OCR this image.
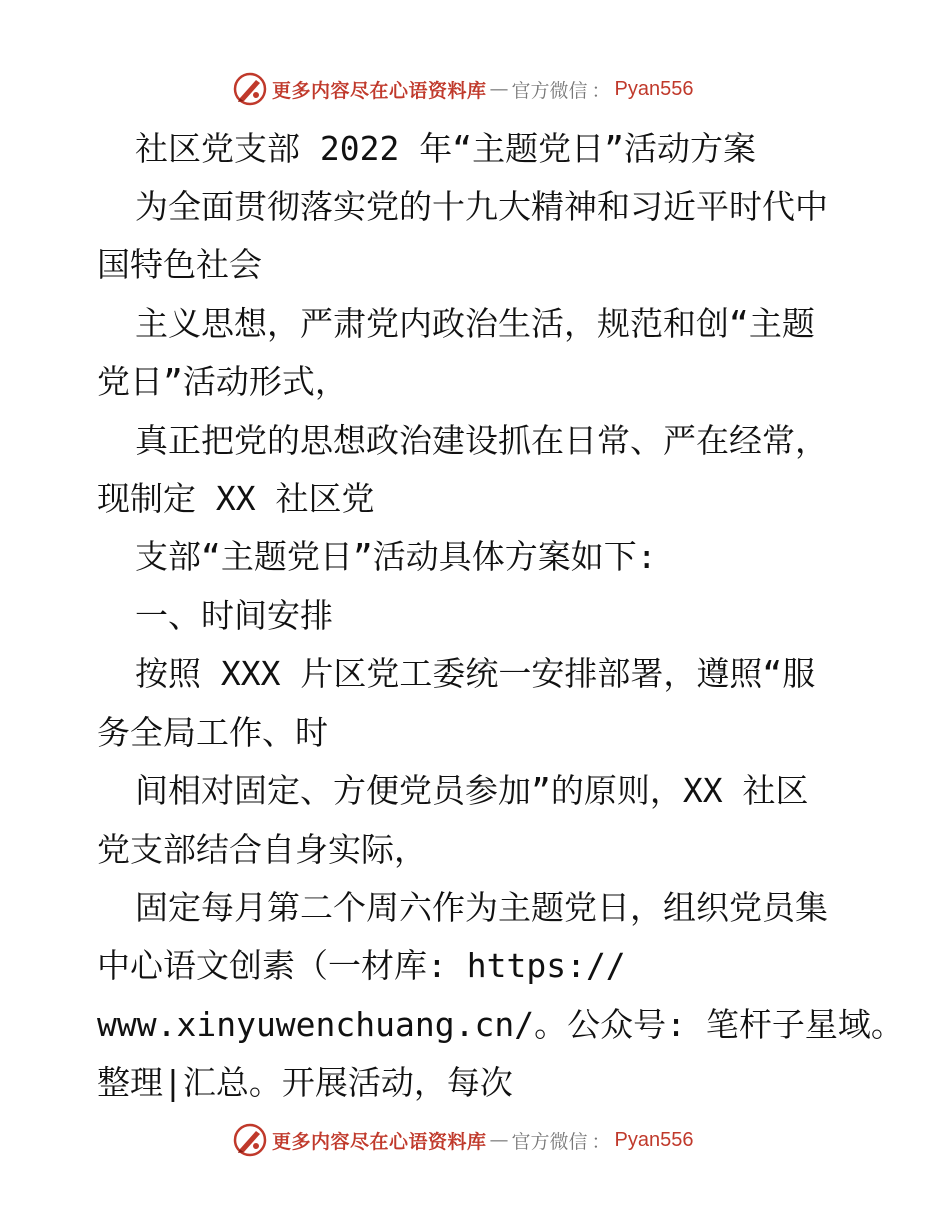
更多内容尽在心语资料库 — 官方微信 ： Pyan556
社区党支部 2022 年“主题党日”活动方案
为全面贯彻落实党的十九大精神和习近平时代中
国特色社会
主义思想，严肃党内政治生活，规范和创“主题
党日”活动形式，
真正把党的思想政治建设抓在日常、严在经常，
现制定 XX 社区党
支部“主题党日”活动具体方案如下:
一、时间安排
按照 XXX 片区党工委统一安排部署，遵照“服
务全局工作、时
间相对固定、方便党员参加”的原则，XX 社区
党支部结合自身实际，
固定每月第二个周六作为主题党日，组织党员集
中心语文创素（一材库: https://
www.xinyuwenchuang.cn/。公众号: 笔杆子星域。
整理|汇总。开展活动，每次
更多内容尽在心语资料库 — 官方微信 ： Pyan556
